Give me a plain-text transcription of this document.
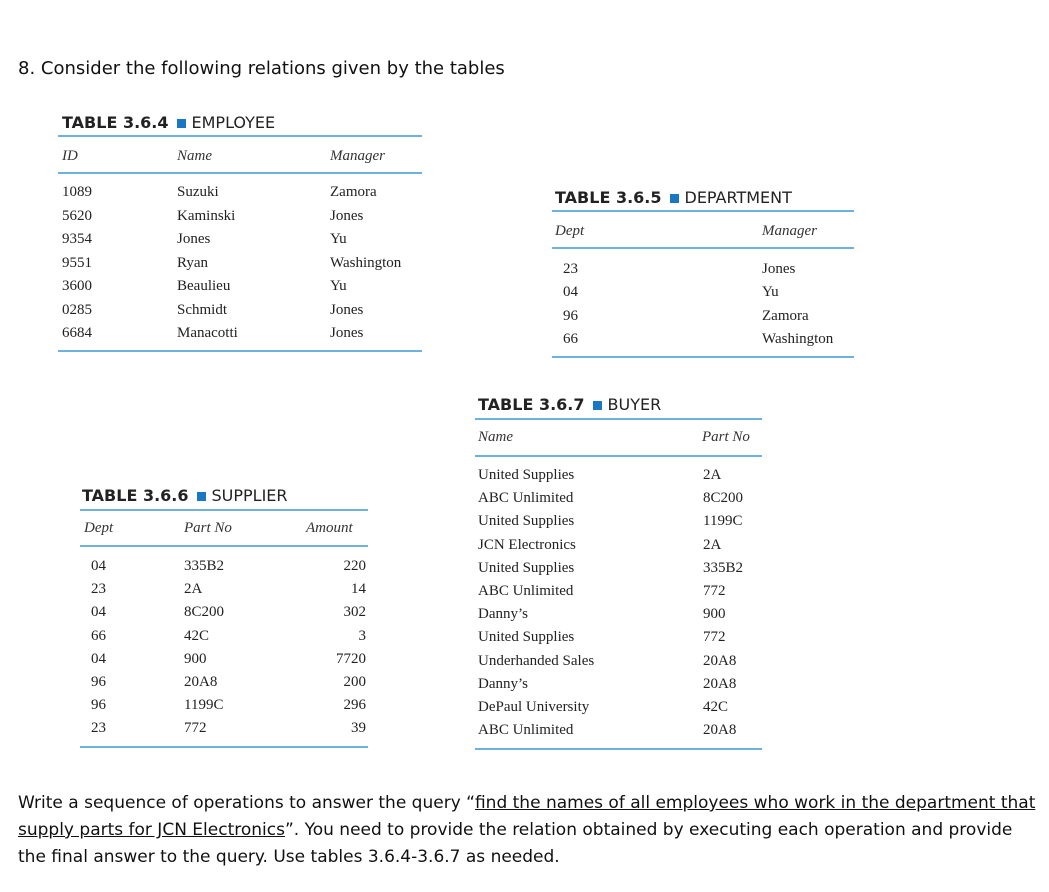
8. Consider the following relations given by the tables
TABLE 3.6.4 EMPLOYEE
ID	Name	Manager
1089	Suzuki	Zamora
5620	Kaminski	Jones
9354	Jones	Yu
9551	Ryan	Washington
3600	Beaulieu	Yu
0285	Schmidt	Jones
6684	Manacotti	Jones
TABLE 3.6.5 DEPARTMENT
Dept	Manager
23	Jones
04	Yu
96	Zamora
66	Washington
TABLE 3.6.7 BUYER
Name	Part No
United Supplies	2A
ABC Unlimited	8C200
United Supplies	1199C
JCN Electronics	2A
United Supplies	335B2
ABC Unlimited	772
Danny’s	900
United Supplies	772
Underhanded Sales	20A8
Danny’s	20A8
DePaul University	42C
ABC Unlimited	20A8
TABLE 3.6.6 SUPPLIER
Dept	Part No	Amount
04	335B2	220
23	2A	14
04	8C200	302
66	42C	3
04	900	7720
96	20A8	200
96	1199C	296
23	772	39
Write a sequence of operations to answer the query “find the names of all employees who work in the department that supply parts for JCN Electronics”. You need to provide the relation obtained by executing each operation and provide the final answer to the query. Use tables 3.6.4-3.6.7 as needed.
